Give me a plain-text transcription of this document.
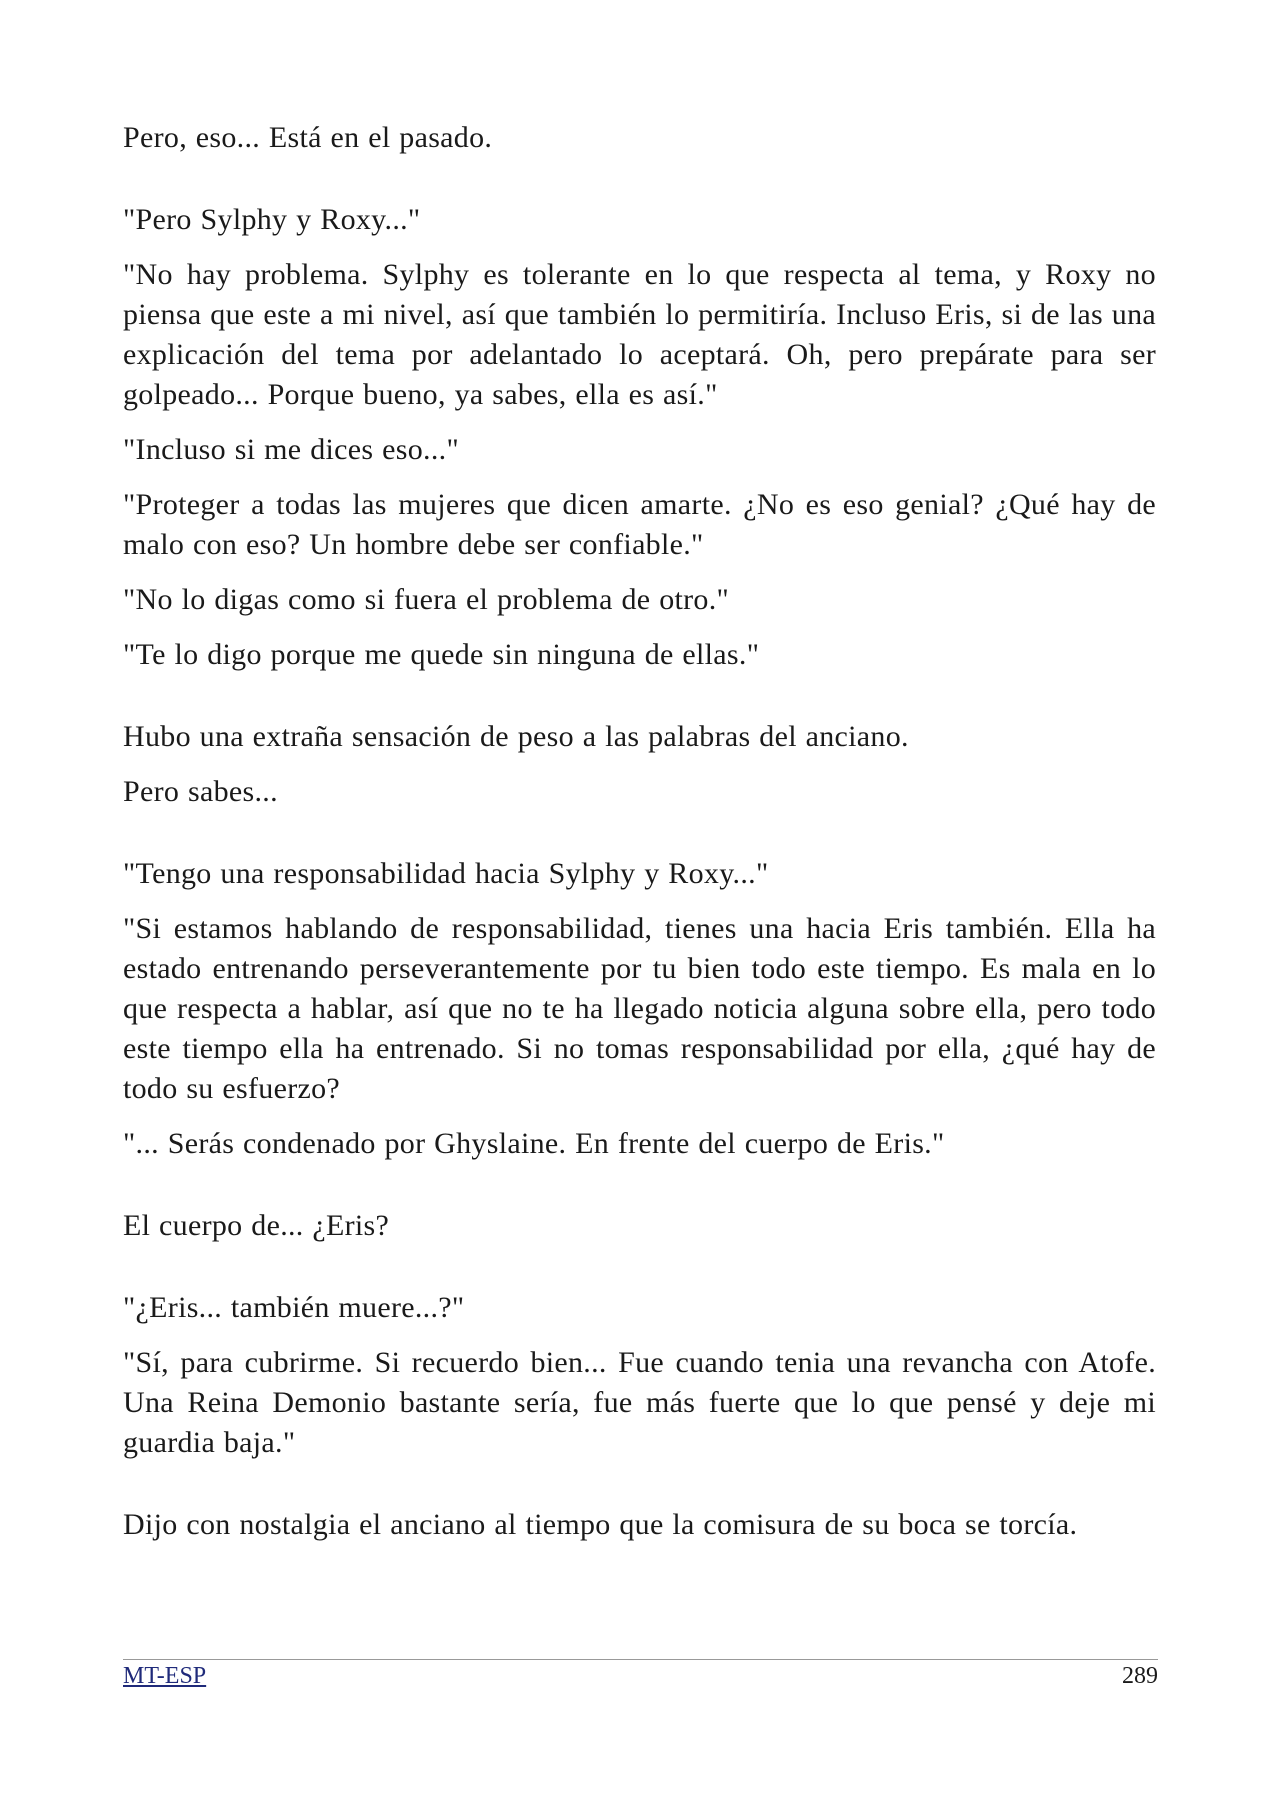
Pero, eso... Está en el pasado.

"Pero Sylphy y Roxy..."

"No hay problema. Sylphy es tolerante en lo que respecta al tema, y Roxy no piensa que este a mi nivel, así que también lo permitiría. Incluso Eris, si de las una explicación del tema por adelantado lo aceptará. Oh, pero prepárate para ser golpeado... Porque bueno, ya sabes, ella es así."

"Incluso si me dices eso..."

"Proteger a todas las mujeres que dicen amarte. ¿No es eso genial? ¿Qué hay de malo con eso? Un hombre debe ser confiable."

"No lo digas como si fuera el problema de otro."

"Te lo digo porque me quede sin ninguna de ellas."

Hubo una extraña sensación de peso a las palabras del anciano.

Pero sabes...

"Tengo una responsabilidad hacia Sylphy y Roxy..."

"Si estamos hablando de responsabilidad, tienes una hacia Eris también. Ella ha estado entrenando perseverantemente por tu bien todo este tiempo. Es mala en lo que respecta a hablar, así que no te ha llegado noticia alguna sobre ella, pero todo este tiempo ella ha entrenado. Si no tomas responsabilidad por ella, ¿qué hay de todo su esfuerzo?

"... Serás condenado por Ghyslaine. En frente del cuerpo de Eris."

El cuerpo de... ¿Eris?

"¿Eris... también muere...?"

"Sí, para cubrirme. Si recuerdo bien... Fue cuando tenia una revancha con Atofe. Una Reina Demonio bastante sería, fue más fuerte que lo que pensé y deje mi guardia baja."

Dijo con nostalgia el anciano al tiempo que la comisura de su boca se torcía.

MT-ESP	289
